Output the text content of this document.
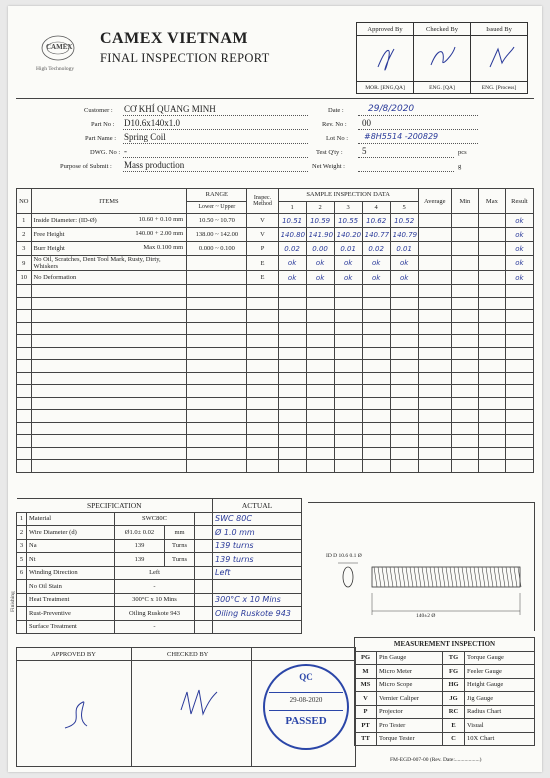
CAMEX
High Technology
CAMEX VIETNAM
FINAL INSPECTION REPORT
Approved By	Checked By	Issued By

MOR. [ENG,QA]	ENG. [QA]	ENG. [Process]
Customer : CƠ KHÍ QUANG MINH
Part No : D10.6x140x1.0
Part Name : Spring Coil
DWG. No : -
Purpose of Submit : Mass production
Date :	29/8/2020
Rev. No : 00
Lot No : #8H5514 -200829
Test Q'ty : 5	pcs
Net Weight :	g
NO	ITEMS	RANGE	Inspec. Method	SAMPLE INSPECTION DATA					Average	Min	Max	Result
		Lower ~ Upper		1	2	3	4	5				
1	Inside Diameter: (ID-Ø) 10.60 + 0.10 mm	10.50 ~ 10.70	V	10.51	10.59	10.55	10.62	10.52				ok
2	Free Height 140.00 + 2.00 mm	138.00 ~ 142.00	V	140.80	141.90	140.20	140.77	140.79				ok
3	Burr Height Max 0.100 mm	0.000 ~ 0.100	P	0.02	0.00	0.01	0.02	0.01				ok
9	No Oil, Scratches, Dent Tool Mark, Rusty, Dirty, Whiskers		E	ok	ok	ok	ok	ok				ok
10	No Deformation		E	ok	ok	ok	ok	ok				ok

SPECIFICATION					ACTUAL
1	Material	SWC80C			SWC 80C
2	Wire Diameter (d)	Ø1.0± 0.02	mm		Ø 1.0 mm
3	Na	139	Turns		139 turns
5	Nt	139	Turns		139 turns
6	Winding Direction	Left			Left
	No Oil Stain	-			
	Heat Treatment	300°C x 10 Mins			300°C x 10 Mins
	Rust-Preventive	Oiling Ruskote 943			Oiling Ruskote 943
	Surface Treatment	-			
Finishing
ID D 10.6 0.1 Ø
140±2 Ø
APPROVED BY	CHECKED BY
QC
29-08-2020
PASSED
MEASUREMENT INSPECTION			
PG	Pin Gauge	TG	Torque Gauge
M	Micro Meter	FG	Feeler Gauge
MS	Micro Scope	HG	Height Gauge
V	Vernier Caliper	JG	Jig Gauge
P	Projector	RC	Radius Chart
PT	Pro Tester	E	Visual
TT	Torque Tester	C	10X Chart
FM-EGD-007-00 (Rev. Date:..................)
